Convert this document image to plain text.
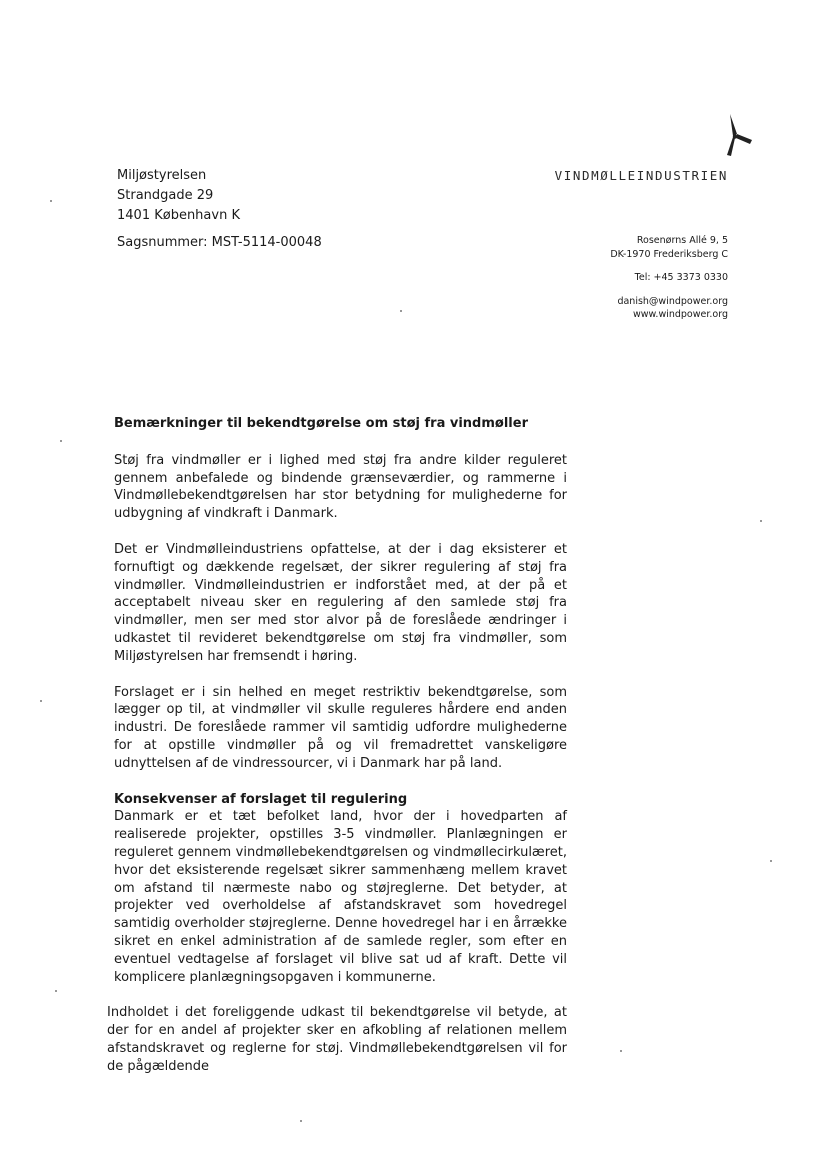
Miljøstyrelsen
Strandgade 29
1401 København K
Sagsnummer: MST-5114-00048
VINDMØLLEINDUSTRIEN
Rosenørns Allé 9, 5
DK-1970 Frederiksberg C
Tel: +45 3373 0330
danish@windpower.org
www.windpower.org
Bemærkninger til bekendtgørelse om støj fra vindmøller

Støj fra vindmøller er i lighed med støj fra andre kilder reguleret gennem anbefalede og bindende grænseværdier, og rammerne i Vindmøllebekendtgørelsen har stor betydning for mulighederne for udbygning af vindkraft i Danmark.

Det er Vindmølleindustriens opfattelse, at der i dag eksisterer et fornuftigt og dækkende regelsæt, der sikrer regulering af støj fra vindmøller. Vindmølleindustrien er indforstået med, at der på et acceptabelt niveau sker en regulering af den samlede støj fra vindmøller, men ser med stor alvor på de foreslåede ændringer i udkastet til revideret bekendtgørelse om støj fra vindmøller, som Miljøstyrelsen har fremsendt i høring.

Forslaget er i sin helhed en meget restriktiv bekendtgørelse, som lægger op til, at vindmøller vil skulle reguleres hårdere end anden industri. De foreslåede rammer vil samtidig udfordre mulighederne for at opstille vindmøller på og vil fremadrettet vanskeligøre udnyttelsen af de vindressourcer, vi i Danmark har på land.

Konsekvenser af forslaget til regulering

Danmark er et tæt befolket land, hvor der i hovedparten af realiserede projekter, opstilles 3-5 vindmøller. Planlægningen er reguleret gennem vindmøllebekendtgørelsen og vindmøllecirkulæret, hvor det eksisterende regelsæt sikrer sammenhæng mellem kravet om afstand til nærmeste nabo og støjreglerne. Det betyder, at projekter ved overholdelse af afstandskravet som hovedregel samtidig overholder støjreglerne. Denne hovedregel har i en årrække sikret en enkel administration af de samlede regler, som efter en eventuel vedtagelse af forslaget vil blive sat ud af kraft. Dette vil komplicere planlægningsopgaven i kommunerne.

Indholdet i det foreliggende udkast til bekendtgørelse vil betyde, at der for en andel af projekter sker en afkobling af relationen mellem afstandskravet og reglerne for støj. Vindmøllebekendtgørelsen vil for de pågældende
